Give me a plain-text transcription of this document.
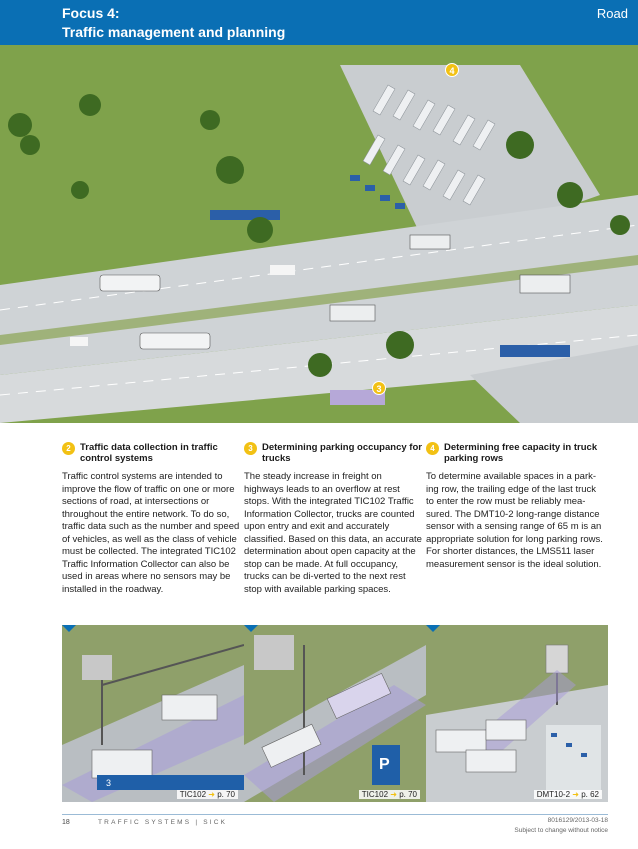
Focus 4:
Traffic management and planning
Road
4
3
2 Traffic data collection in traffic control systems
Traffic control systems are intended to improve the flow of traffic on one or more sections of road, at intersections or throughout the entire network. To do so, traffic data such as the number and speed of vehicles, as well as the class of vehicle must be collected. The integrated TIC102 Traffic Information Collector can also be used in areas where no sensors may be installed in the roadway.
3 Determining parking occupancy for trucks
The steady increase in freight on highways leads to an overflow at rest stops. With the integrated TIC102 Traffic Information Collector, trucks are counted upon entry and exit and accurately classified. Based on this data, an accurate determination about open capacity at the stop can be made. At full occupancy, trucks can be di-verted to the next rest stop with available parking spaces.
4 Determining free capacity in truck parking rows
To determine available spaces in a park-ing row, the trailing edge of the last truck to enter the row must be reliably mea-sured. The DMT10-2 long-range distance sensor with a sensing range of 65 m is an appropriate solution for long parking rows. For shorter distances, the LMS511 laser measurement sensor is the ideal solution.
3
TIC102 ➜ p. 70
P
TIC102 ➜ p. 70	DMT10-2 ➜ p. 62
18	TRAFFIC SYSTEMS | SICK	8016129/2013-03-18
Subject to change without notice
